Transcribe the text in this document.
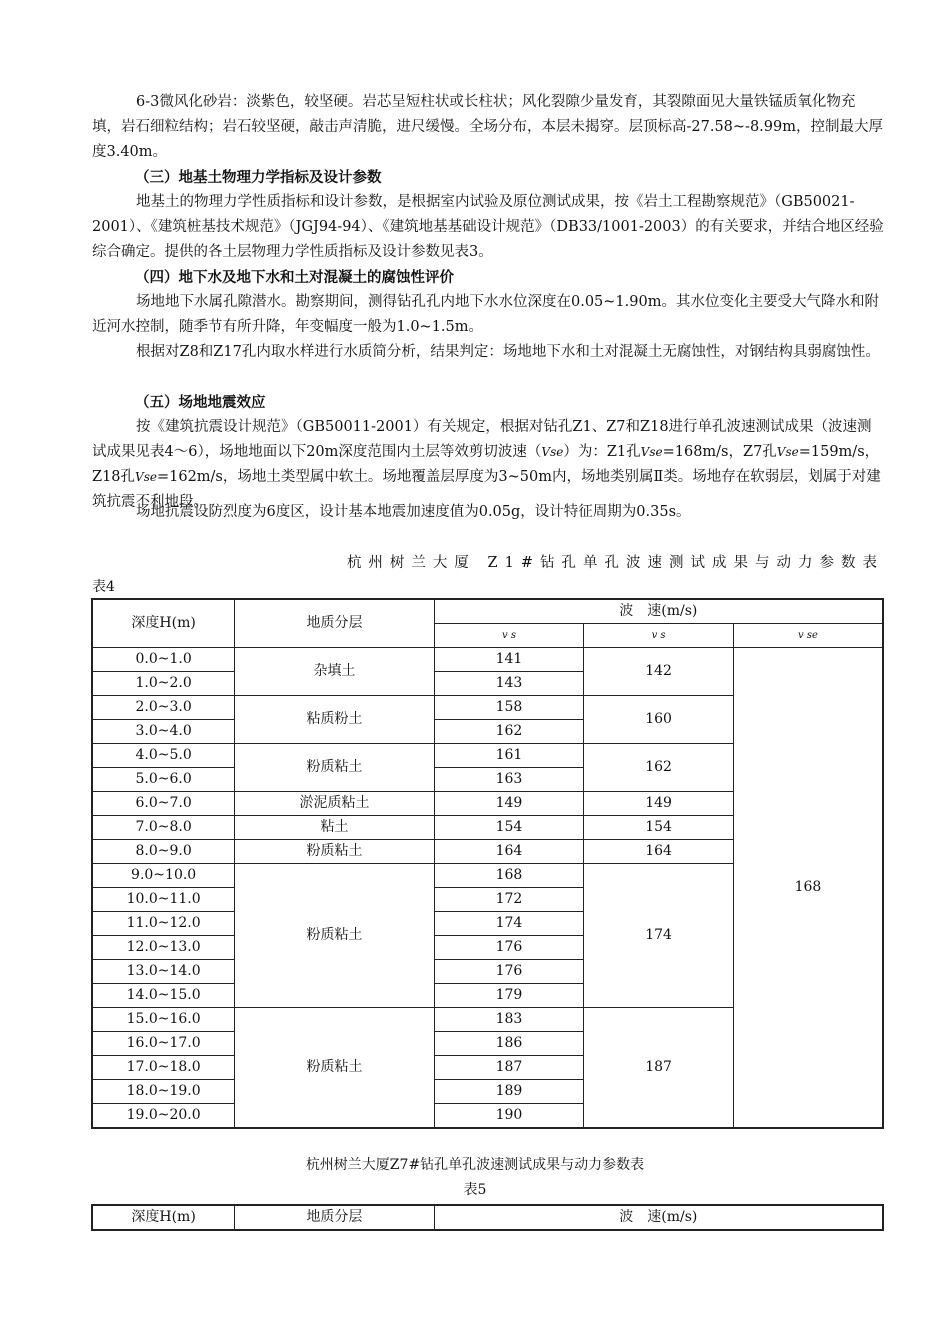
6-3微风化砂岩：淡紫色，较坚硬。岩芯呈短柱状或长柱状；风化裂隙少量发育，其裂隙面见大量铁锰质氧化物充填，岩石细粒结构；岩石较坚硬，敲击声清脆，进尺缓慢。全场分布，本层未揭穿。层顶标高-27.58~-8.99m，控制最大厚度3.40m。

（三）地基土物理力学指标及设计参数

地基土的物理力学性质指标和设计参数，是根据室内试验及原位测试成果，按《岩土工程勘察规范》（GB50021-2001）、《建筑桩基技术规范》（JGJ94-94）、《建筑地基基础设计规范》（DB33/1001-2003）的有关要求，并结合地区经验综合确定。提供的各土层物理力学性质指标及设计参数见表3。

（四）地下水及地下水和土对混凝土的腐蚀性评价

场地地下水属孔隙潜水。勘察期间，测得钻孔孔内地下水水位深度在0.05~1.90m。其水位变化主要受大气降水和附近河水控制，随季节有所升降，年变幅度一般为1.0~1.5m。

根据对Z8和Z17孔内取水样进行水质简分析，结果判定：场地地下水和土对混凝土无腐蚀性，对钢结构具弱腐蚀性。

（五）场地地震效应

按《建筑抗震设计规范》（GB50011-2001）有关规定，根据对钻孔Z1、Z7和Z18进行单孔波速测试成果（波速测试成果见表4～6），场地地面以下20m深度范围内土层等效剪切波速（Vse）为：Z1孔Vse=168m/s，Z7孔Vse=159m/s，Z18孔Vse=162m/s，场地土类型属中软土。场地覆盖层厚度为3~50m内，场地类别属Ⅱ类。场地存在软弱层，划属于对建筑抗震不利地段。

场地抗震设防烈度为6度区，设计基本地震加速度值为0.05g，设计特征周期为0.35s。

杭州树兰大厦 Z1#钻孔单孔波速测试成果与动力参数表
表4
深度H(m)	地质分层	波　速(m/s)		
		v s	v s	v se
0.0~1.0	杂填土	141	142	168
1.0~2.0		143		
2.0~3.0	粘质粉土	158	160	
3.0~4.0		162		
4.0~5.0	粉质粘土	161	162	
5.0~6.0		163		
6.0~7.0	淤泥质粘土	149	149	
7.0~8.0	粘土	154	154	
8.0~9.0	粉质粘土	164	164	
9.0~10.0	粉质粘土	168	174	
10.0~11.0		172		
11.0~12.0		174		
12.0~13.0		176		
13.0~14.0		176		
14.0~15.0		179		
15.0~16.0	粉质粘土	183	187	
16.0~17.0		186		
17.0~18.0		187		
18.0~19.0		189		
19.0~20.0		190		
杭州树兰大厦Z7#钻孔单孔波速测试成果与动力参数表
表5
深度H(m)	地质分层	波　速(m/s)
